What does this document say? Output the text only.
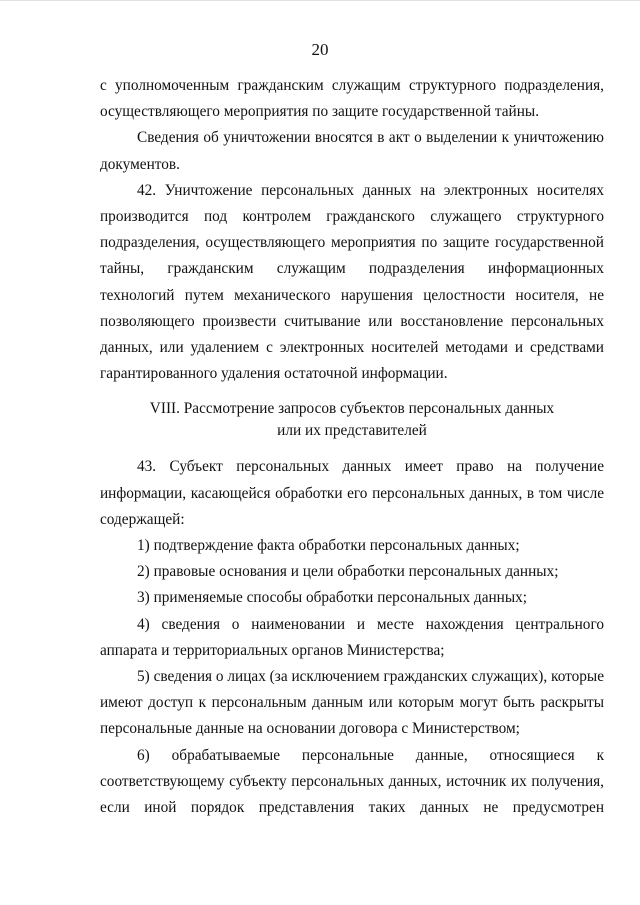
20

с уполномоченным гражданским служащим структурного подразделения, осуществляющего мероприятия по защите государственной тайны.

Сведения об уничтожении вносятся в акт о выделении к уничтожению документов.

42. Уничтожение персональных данных на электронных носителях производится под контролем гражданского служащего структурного подразделения, осуществляющего мероприятия по защите государственной тайны, гражданским служащим подразделения информационных технологий путем механического нарушения целостности носителя, не позволяющего произвести считывание или восстановление персональных данных, или удалением с электронных носителей методами и средствами гарантированного удаления остаточной информации.

VIII. Рассмотрение запросов субъектов персональных данных
или их представителей

43. Субъект персональных данных имеет право на получение информации, касающейся обработки его персональных данных, в том числе содержащей:

1) подтверждение факта обработки персональных данных;

2) правовые основания и цели обработки персональных данных;

3) применяемые способы обработки персональных данных;

4) сведения о наименовании и месте нахождения центрального аппарата и территориальных органов Министерства;

5) сведения о лицах (за исключением гражданских служащих), которые имеют доступ к персональным данным или которым могут быть раскрыты персональные данные на основании договора с Министерством;

6) обрабатываемые персональные данные, относящиеся к соответствующему субъекту персональных данных, источник их получения, если иной порядок представления таких данных не предусмотрен
